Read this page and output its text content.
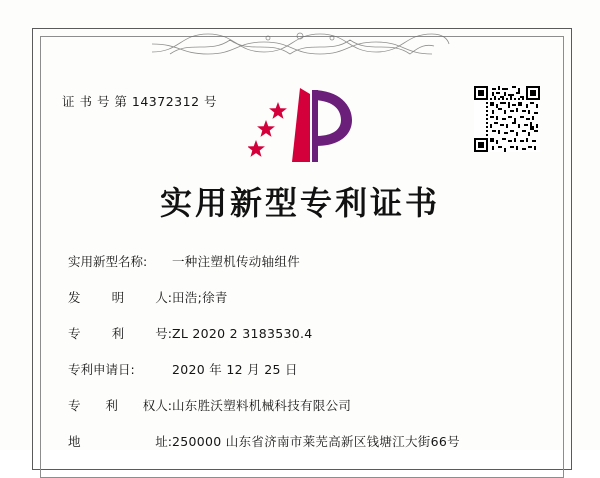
证 书 号 第 14372312 号
实用新型专利证书
实用新型名称:	一种注塑机传动轴组件
发 明 人: 田浩;徐青
专 利 号: ZL 2020 2 3183530.4
专利申请日:	2020 年 12 月 25 日
专 利 权人: 山东胜沃塑料机械科技有限公司
地	址: 250000 山东省济南市莱芜高新区钱塘江大街66号
